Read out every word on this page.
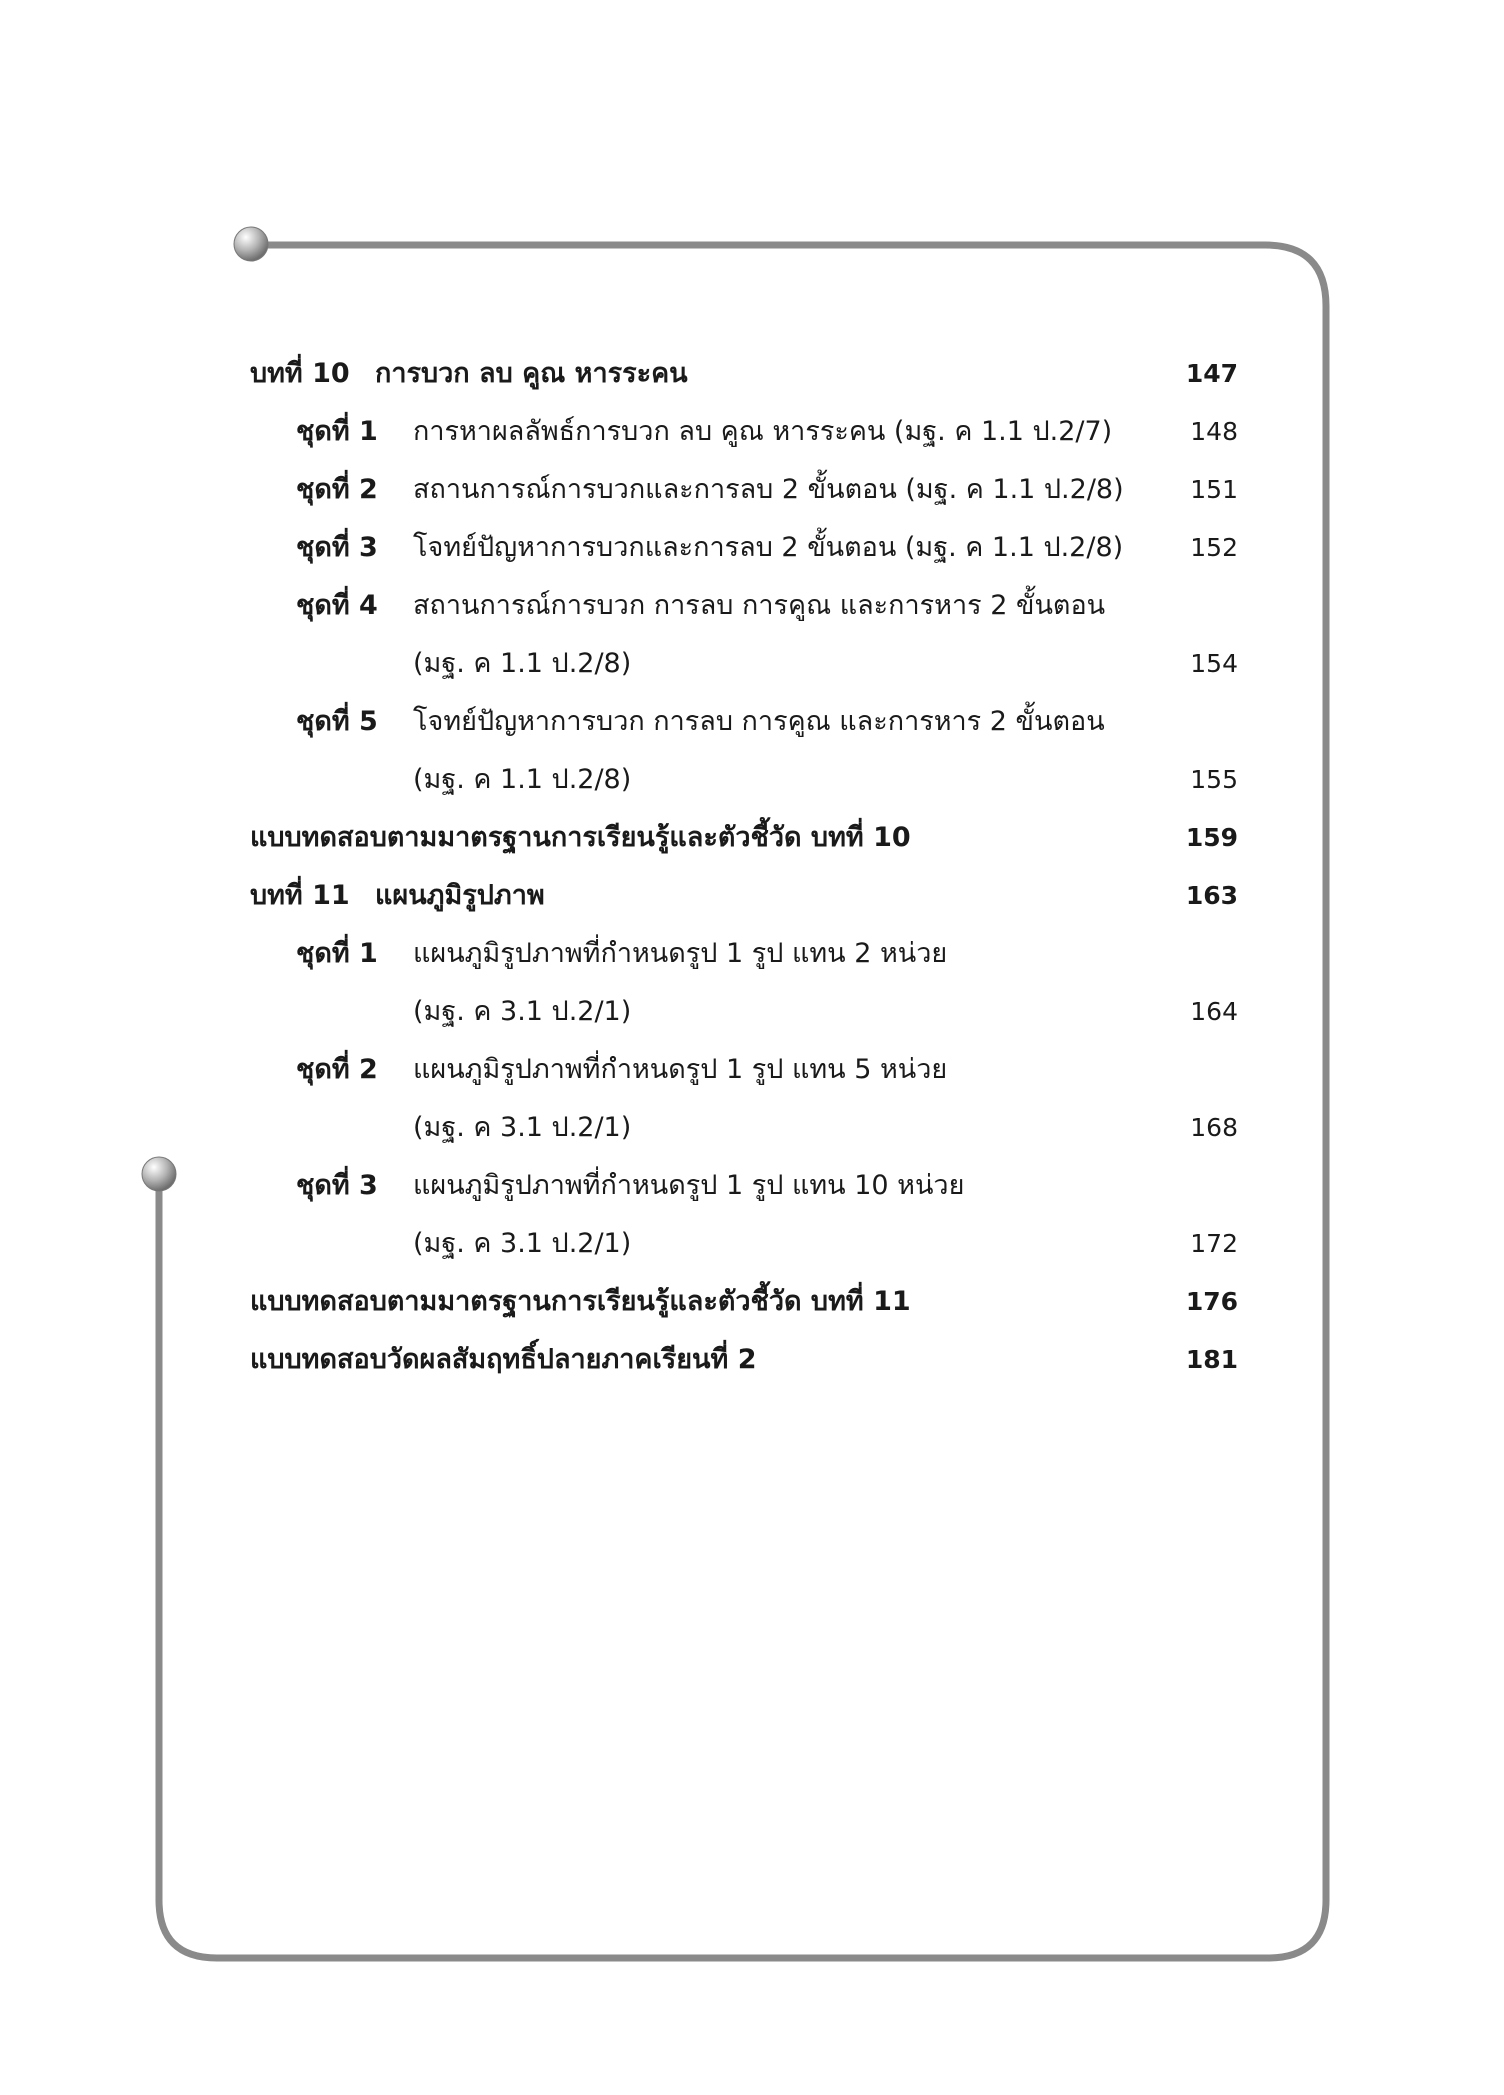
บทที่ 10 การบวก ลบ คูณ หารระคน	147
ชุดที่ 1 การหาผลลัพธ์การบวก ลบ คูณ หารระคน (มฐ. ค 1.1 ป.2/7)	148
ชุดที่ 2 สถานการณ์การบวกและการลบ 2 ขั้นตอน (มฐ. ค 1.1 ป.2/8)	151
ชุดที่ 3 โจทย์ปัญหาการบวกและการลบ 2 ขั้นตอน (มฐ. ค 1.1 ป.2/8)	152
ชุดที่ 4 สถานการณ์การบวก การลบ การคูณ และการหาร 2 ขั้นตอน
(มฐ. ค 1.1 ป.2/8)	154
ชุดที่ 5 โจทย์ปัญหาการบวก การลบ การคูณ และการหาร 2 ขั้นตอน
(มฐ. ค 1.1 ป.2/8)	155
แบบทดสอบตามมาตรฐานการเรียนรู้และตัวชี้วัด บทที่ 10	159
บทที่ 11 แผนภูมิรูปภาพ	163
ชุดที่ 1 แผนภูมิรูปภาพที่กำหนดรูป 1 รูป แทน 2 หน่วย
(มฐ. ค 3.1 ป.2/1)	164
ชุดที่ 2 แผนภูมิรูปภาพที่กำหนดรูป 1 รูป แทน 5 หน่วย
(มฐ. ค 3.1 ป.2/1)	168
ชุดที่ 3 แผนภูมิรูปภาพที่กำหนดรูป 1 รูป แทน 10 หน่วย
(มฐ. ค 3.1 ป.2/1)	172
แบบทดสอบตามมาตรฐานการเรียนรู้และตัวชี้วัด บทที่ 11	176
แบบทดสอบวัดผลสัมฤทธิ์ปลายภาคเรียนที่ 2	181
